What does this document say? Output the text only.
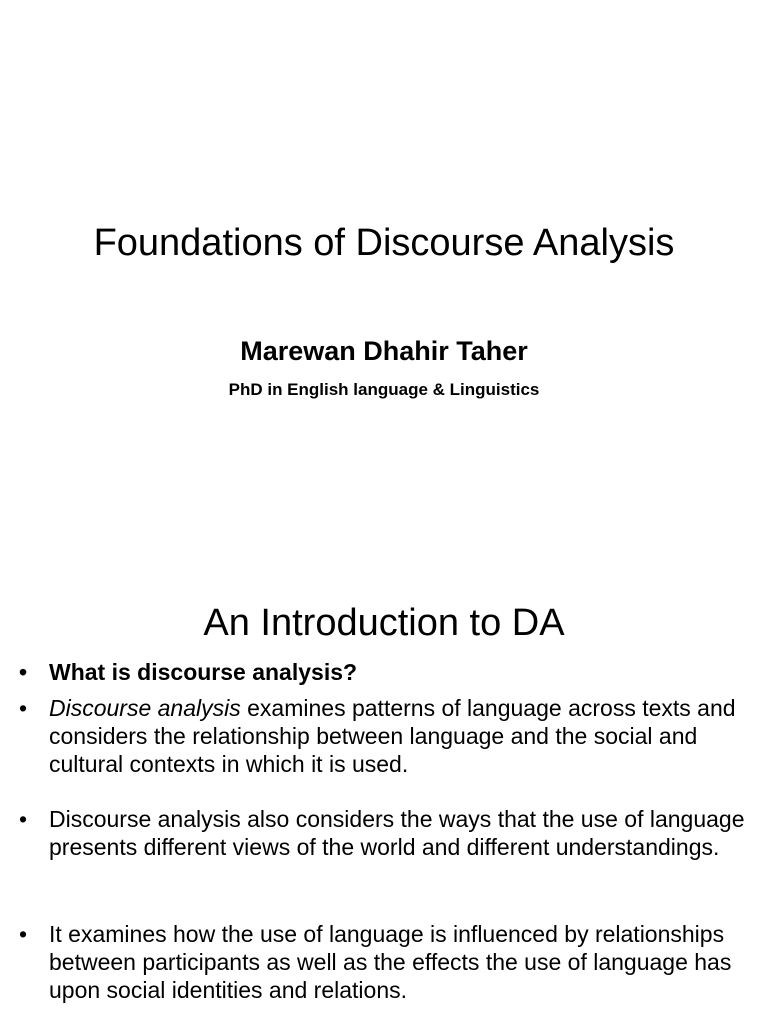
Foundations of Discourse Analysis
Marewan Dhahir Taher
PhD in English language & Linguistics
An Introduction to DA
• What is discourse analysis?
• Discourse analysis examines patterns of language across texts and considers the relationship between language and the social and cultural contexts in which it is used.
• Discourse analysis also considers the ways that the use of language presents different views of the world and different understandings.
• It examines how the use of language is influenced by relationships between participants as well as the effects the use of language has upon social identities and relations.
